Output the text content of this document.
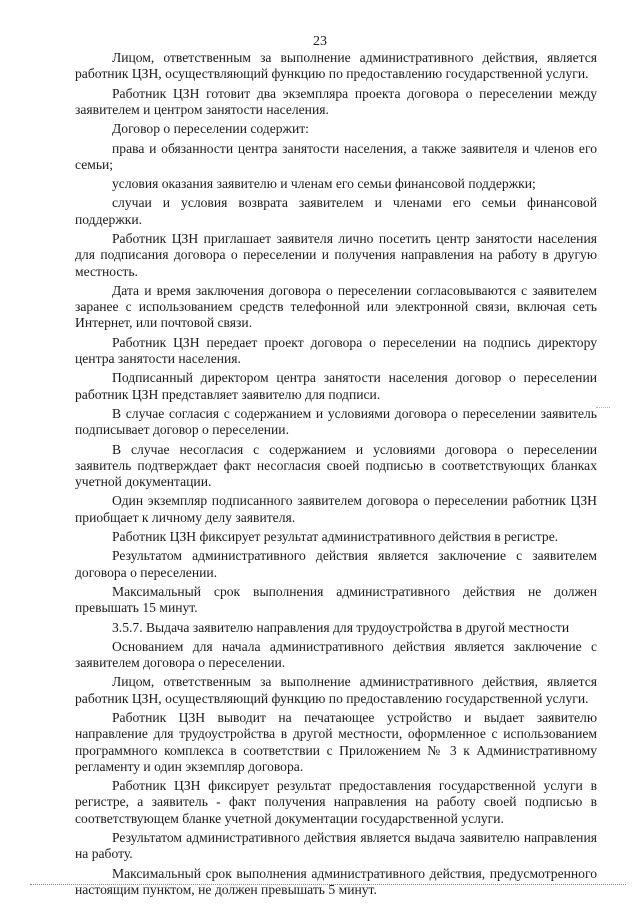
23

Лицом, ответственным за выполнение административного действия, является работник ЦЗН, осуществляющий функцию по предоставлению государственной услуги.

Работник ЦЗН готовит два экземпляра проекта договора о переселении между заявителем и центром занятости населения.

Договор о переселении содержит:

права и обязанности центра занятости населения, а также заявителя и членов его семьи;

условия оказания заявителю и членам его семьи финансовой поддержки;

случаи и условия возврата заявителем и членами его семьи финансовой поддержки.

Работник ЦЗН приглашает заявителя лично посетить центр занятости населения для подписания договора о переселении и получения направления на работу в другую местность.

Дата и время заключения договора о переселении согласовываются с заявителем заранее с использованием средств телефонной или электронной связи, включая сеть Интернет, или почтовой связи.

Работник ЦЗН передает проект договора о переселении на подпись директору центра занятости населения.

Подписанный директором центра занятости населения договор о переселении работник ЦЗН представляет заявителю для подписи.

В случае согласия с содержанием и условиями договора о переселении заявитель подписывает договор о переселении.

В случае несогласия с содержанием и условиями договора о переселении заявитель подтверждает факт несогласия своей подписью в соответствующих бланках учетной документации.

Один экземпляр подписанного заявителем договора о переселении работник ЦЗН приобщает к личному делу заявителя.

Работник ЦЗН фиксирует результат административного действия в регистре.

Результатом административного действия является заключение с заявителем договора о переселении.

Максимальный срок выполнения административного действия не должен превышать 15 минут.

3.5.7. Выдача заявителю направления для трудоустройства в другой местности

Основанием для начала административного действия является заключение с заявителем договора о переселении.

Лицом, ответственным за выполнение административного действия, является работник ЦЗН, осуществляющий функцию по предоставлению государственной услуги.

Работник ЦЗН выводит на печатающее устройство и выдает заявителю направление для трудоустройства в другой местности, оформленное с использованием программного комплекса в соответствии с Приложением № 3 к Административному регламенту и один экземпляр договора.

Работник ЦЗН фиксирует результат предоставления государственной услуги в регистре, а заявитель - факт получения направления на работу своей подписью в соответствующем бланке учетной документации государственной услуги.

Результатом административного действия является выдача заявителю направления на работу.

Максимальный срок выполнения административного действия, предусмотренного настоящим пунктом, не должен превышать 5 минут.
